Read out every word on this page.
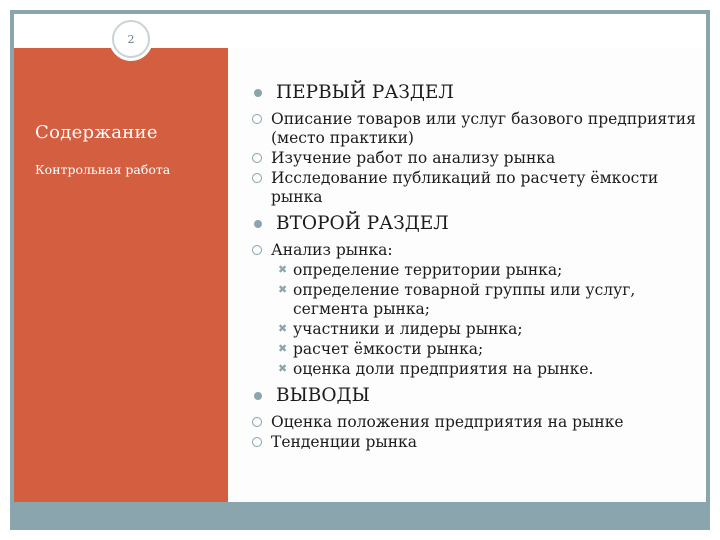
2
Содержание
Контрольная работа
ПЕРВЫЙ РАЗДЕЛ
Описание товаров или услуг базового предприятия (место практики)
Изучение работ по анализу рынка
Исследование публикаций по расчету ёмкости рынка
ВТОРОЙ РАЗДЕЛ
Анализ рынка:
✖ определение территории рынка;
✖ определение товарной группы или услуг, сегмента рынка;
✖ участники и лидеры рынка;
✖ расчет ёмкости рынка;
✖ оценка доли предприятия на рынке.
ВЫВОДЫ
Оценка положения предприятия на рынке
Тенденции рынка
